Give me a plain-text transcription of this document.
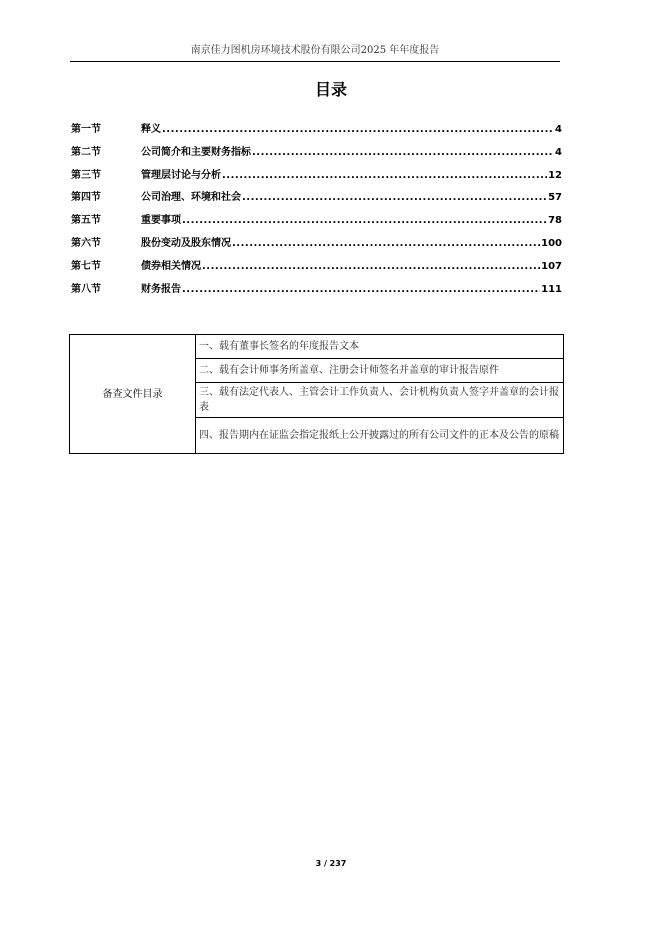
南京佳力图机房环境技术股份有限公司2025 年年度报告
目录
第一节	释义 .....	4
第二节	公司简介和主要财务指标 .....	4
第三节	管理层讨论与分析 .....	12
第四节	公司治理、环境和社会 .....	57
第五节	重要事项 .....	78
第六节	股份变动及股东情况 .....	100
第七节	债券相关情况 .....	107
第八节	财务报告 .....	111
备查文件目录	一、载有董事长签名的年度报告文本
二、载有会计师事务所盖章、注册会计师签名并盖章的审计报告原件
三、载有法定代表人、主管会计工作负责人、会计机构负责人签字并盖章的会计报表
四、报告期内在证监会指定报纸上公开披露过的所有公司文件的正本及公告的原稿
3 / 237
